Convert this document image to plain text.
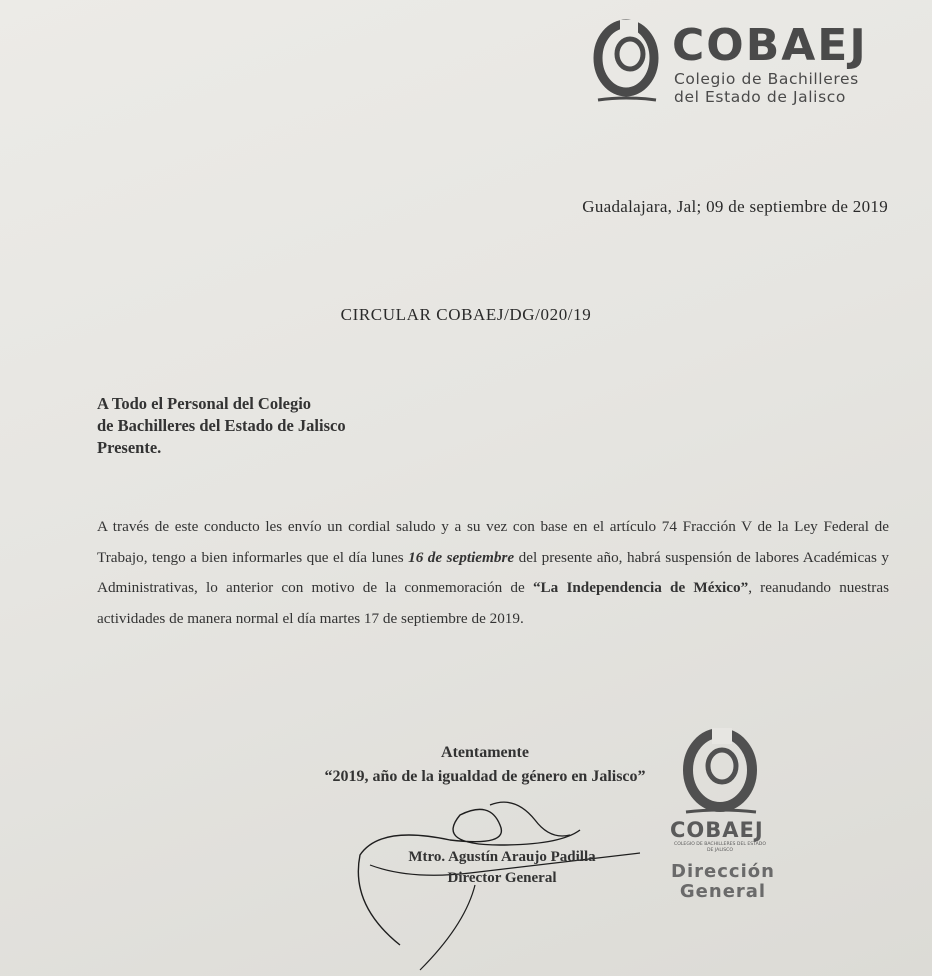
COBAEJ
Colegio de Bachilleres
del Estado de Jalisco
Guadalajara, Jal; 09 de septiembre de 2019
CIRCULAR COBAEJ/DG/020/19
A Todo el Personal del Colegio
de Bachilleres del Estado de Jalisco
Presente.
A través de este conducto les envío un cordial saludo y a su vez con base en el artículo 74 Fracción V de la Ley Federal de Trabajo, tengo a bien informarles que el día lunes 16 de septiembre del presente año, habrá suspensión de labores Académicas y Administrativas, lo anterior con motivo de la conmemoración de “La Independencia de México”, reanudando nuestras actividades de manera normal el día martes 17 de septiembre de 2019.
Atentamente
“2019, año de la igualdad de género en Jalisco”
Mtro. Agustín Araujo Padilla
Director General
COBAEJ
COLEGIO DE BACHILLERES DEL ESTADO DE JALISCO
Dirección
General
